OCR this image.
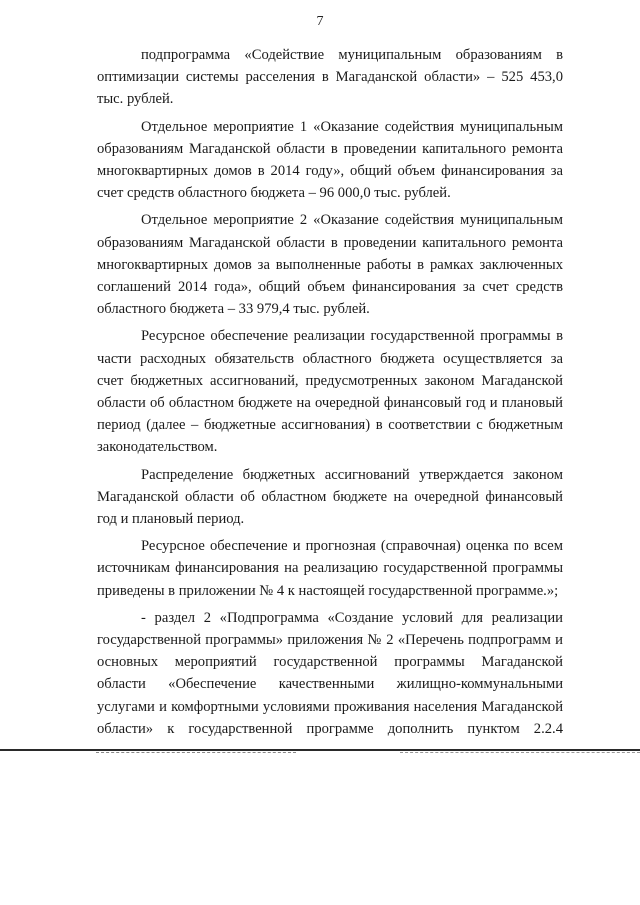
7

подпрограмма «Содействие муниципальным образованиям в оптимизации системы расселения в Магаданской области» – 525 453,0 тыс. рублей.

Отдельное мероприятие 1 «Оказание содействия муниципальным образованиям Магаданской области в проведении капитального ремонта многоквартирных домов в 2014 году», общий объем финансирования за счет средств областного бюджета – 96 000,0 тыс. рублей.

Отдельное мероприятие 2 «Оказание содействия муниципальным образованиям Магаданской области в проведении капитального ремонта многоквартирных домов за выполненные работы в рамках заключенных соглашений 2014 года», общий объем финансирования за счет средств областного бюджета – 33 979,4 тыс. рублей.

Ресурсное обеспечение реализации государственной программы в части расходных обязательств областного бюджета осуществляется за счет бюджетных ассигнований, предусмотренных законом Магаданской области об областном бюджете на очередной финансовый год и плановый период (далее – бюджетные ассигнования) в соответствии с бюджетным законодательством.

Распределение бюджетных ассигнований утверждается законом Магаданской области об областном бюджете на очередной финансовый год и плановый период.

Ресурсное обеспечение и прогнозная (справочная) оценка по всем источникам финансирования на реализацию государственной программы приведены в приложении № 4 к настоящей государственной программе.»;

- раздел 2 «Подпрограмма «Создание условий для реализации государственной программы» приложения № 2 «Перечень подпрограмм и основных мероприятий государственной программы Магаданской области «Обеспечение качественными жилищно-коммунальными услугами и комфортными условиями проживания населения Магаданской области» к государственной программе дополнить пунктом 2.2.4
